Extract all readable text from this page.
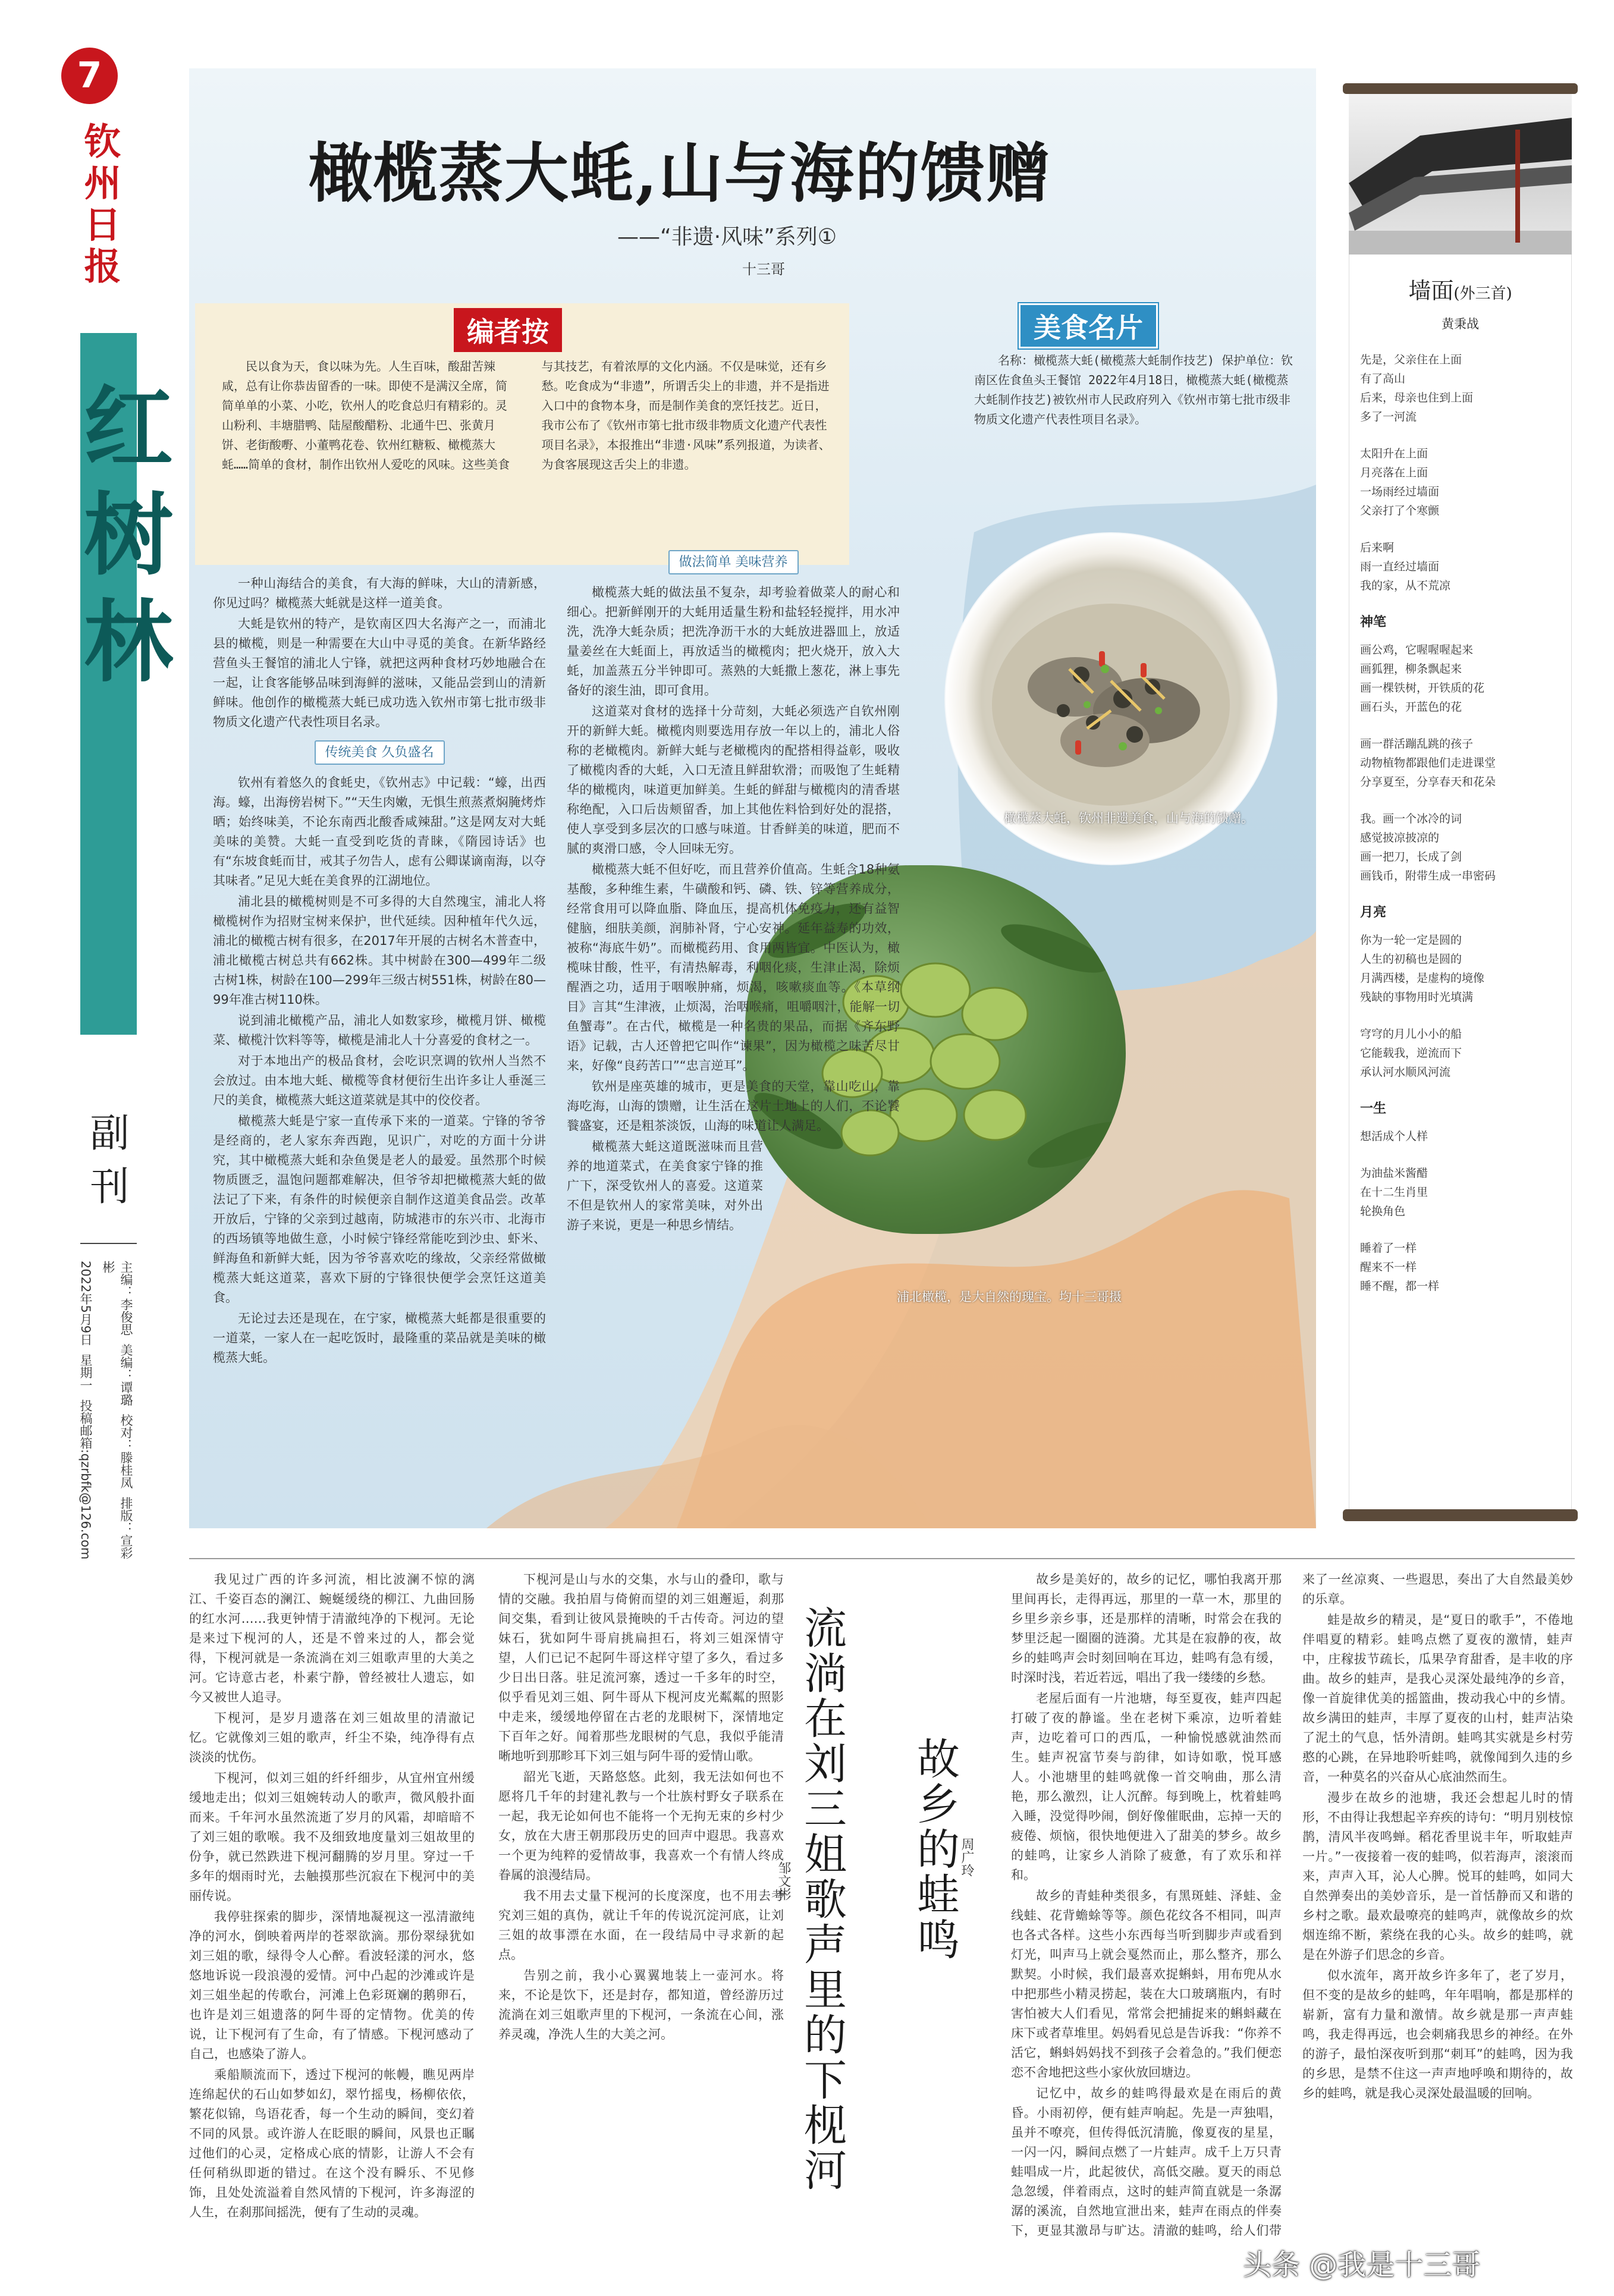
7
钦州日报
红树林
副刊
主编：李俊思  美编：谭璐  校对：滕桂凤  排版：宣彩彬
2022年5月9日  星期一  投稿邮箱:qzrbfk@126.com
橄榄蒸大蚝,山与海的馈赠
——“非遗·风味”系列①
十三哥
编者按
民以食为天，食以味为先。人生百味，酸甜苦辣咸，总有让你恭齿留香的一味。即使不是满汉全席，简简单单的小菜、小吃，钦州人的吃食总归有精彩的。灵山粉利、丰塘腊鸭、陆屋酸醋粉、北通牛巴、张黄月饼、老街酸嘢、小董鸭花卷、钦州红糖粄、橄榄蒸大蚝……简单的食材，制作出钦州人爱吃的风味。这些美食与其技艺，有着浓厚的文化内涵。不仅是味觉，还有乡愁。吃食成为“非遗”，所谓舌尖上的非遗，并不是指进入口中的食物本身，而是制作美食的烹饪技艺。近日，我市公布了《钦州市第七批市级非物质文化遗产代表性项目名录》，本报推出“非遗·风味”系列报道，为读者、为食客展现这舌尖上的非遗。
美食名片
名称：橄榄蒸大蚝(橄榄蒸大蚝制作技艺) 保护单位：钦南区佐食鱼头王餐馆 2022年4月18日，橄榄蒸大蚝(橄榄蒸大蚝制作技艺)被钦州市人民政府列入《钦州市第七批市级非物质文化遗产代表性项目名录》。
橄榄蒸大蚝，钦州非遗美食，山与海的馈赠。
浦北橄榄，是大自然的瑰宝。均十三哥摄

一种山海结合的美食，有大海的鲜味，大山的清新感，你见过吗？橄榄蒸大蚝就是这样一道美食。

大蚝是钦州的特产，是钦南区四大名海产之一，而浦北县的橄榄，则是一种需要在大山中寻觅的美食。在新华路经营鱼头王餐馆的浦北人宁锋，就把这两种食材巧妙地融合在一起，让食客能够品味到海鲜的滋味，又能品尝到山的清新鲜味。他创作的橄榄蒸大蚝已成功选入钦州市第七批市级非物质文化遗产代表性项目名录。

传统美食 久负盛名

钦州有着悠久的食蚝史，《钦州志》中记载：“蠔，出西海。蠔，出海傍岩树下。”“天生肉嫩，无惧生煎蒸煮焖腌烤炸晒；始终味美，不论东南西北酸香咸辣甜。”这是网友对大蚝美味的美赞。大蚝一直受到吃货的青睐，《隋园诗话》也有“东坡食蚝而甘，戒其子勿告人，虑有公卿谋谪南海，以夺其味者。”足见大蚝在美食界的江湖地位。

浦北县的橄榄树则是不可多得的大自然瑰宝，浦北人将橄榄树作为招财宝树来保护，世代延续。因种植年代久远，浦北的橄榄古树有很多，在2017年开展的古树名木普查中，浦北橄榄古树总共有662株。其中树龄在300—499年二级古树1株，树龄在100—299年三级古树551株，树龄在80—99年准古树110株。

说到浦北橄榄产品，浦北人如数家珍，橄榄月饼、橄榄菜、橄榄汁饮料等等，橄榄是浦北人十分喜爱的食材之一。

对于本地出产的极品食材，会吃识烹调的钦州人当然不会放过。由本地大蚝、橄榄等食材便衍生出许多让人垂涎三尺的美食，橄榄蒸大蚝这道菜就是其中的佼佼者。

橄榄蒸大蚝是宁家一直传承下来的一道菜。宁锋的爷爷是经商的，老人家东奔西跑，见识广，对吃的方面十分讲究，其中橄榄蒸大蚝和杂鱼煲是老人的最爱。虽然那个时候物质匮乏，温饱问题都难解决，但爷爷却把橄榄蒸大蚝的做法记了下来，有条件的时候便亲自制作这道美食品尝。改革开放后，宁锋的父亲到过越南，防城港市的东兴市、北海市的西场镇等地做生意，小时候宁锋经常能吃到沙虫、虾米、鲜海鱼和新鲜大蚝，因为爷爷喜欢吃的缘故，父亲经常做橄榄蒸大蚝这道菜，喜欢下厨的宁锋很快便学会烹饪这道美食。

无论过去还是现在，在宁家，橄榄蒸大蚝都是很重要的一道菜，一家人在一起吃饭时，最隆重的菜品就是美味的橄榄蒸大蚝。

做法简单 美味营养

橄榄蒸大蚝的做法虽不复杂，却考验着做菜人的耐心和细心。把新鲜刚开的大蚝用适量生粉和盐轻轻搅拌，用水冲洗，洗净大蚝杂质；把洗净沥干水的大蚝放进器皿上，放适量姜丝在大蚝面上，再放适当的橄榄肉；把火烧开，放入大蚝，加盖蒸五分半钟即可。蒸熟的大蚝撒上葱花，淋上事先备好的滚生油，即可食用。

这道菜对食材的选择十分苛刻，大蚝必须选产自钦州刚开的新鲜大蚝。橄榄肉则要选用存放一年以上的，浦北人俗称的老橄榄肉。新鲜大蚝与老橄榄肉的配搭相得益彰，吸收了橄榄肉香的大蚝，入口无渣且鲜甜软滑；而吸饱了生蚝精华的橄榄肉，味道更加鲜美。生蚝的鲜甜与橄榄肉的清香堪称绝配，入口后齿颊留香，加上其他佐料恰到好处的混搭，使人享受到多层次的口感与味道。甘香鲜美的味道，肥而不腻的爽滑口感，令人回味无穷。

橄榄蒸大蚝不但好吃，而且营养价值高。生蚝含18种氨基酸，多种维生素，牛磺酸和钙、磷、铁、锌等营养成分，经常食用可以降血脂、降血压，提高机体免疫力，还有益智健脑，细肤美颜，润肺补肾，宁心安神。延年益寿的功效，被称“海底牛奶”。而橄榄药用、食用两皆宜。中医认为，橄榄味甘酸，性平，有清热解毒，利咽化痰，生津止渴，除烦醒酒之功，适用于咽喉肿痛，烦渴，咳嗽痰血等。《本草纲目》言其“生津液，止烦渴，治咽喉痛，咀嚼咽汁，能解一切鱼蟹毒”。在古代，橄榄是一种名贵的果品，而据《齐东野语》记载，古人还曾把它叫作“谏果”，因为橄榄之味苦尽甘来，好像“良药苦口”“忠言逆耳”。

钦州是座英雄的城市，更是美食的天堂，靠山吃山，靠海吃海，山海的馈赠，让生活在这片土地上的人们，不论饕餮盛宴，还是粗茶淡饭，山海的味道让人满足。

橄榄蒸大蚝这道既滋味而且营养的地道菜式，在美食家宁锋的推广下，深受钦州人的喜爱。这道菜不但是钦州人的家常美味，对外出游子来说，更是一种思乡情结。

墙面(外三首)
黄秉战
先是，父亲住在上面
有了高山
后来，母亲也住到上面
多了一河流
太阳升在上面
月亮落在上面
一场雨经过墙面
父亲打了个寒颤
后来啊
雨一直经过墙面
我的家，从不荒凉
神笔
画公鸡，它喔喔喔起来
画狐狸，柳条飘起来
画一棵铁树，开铁质的花
画石头，开蓝色的花
画一群活蹦乱跳的孩子
动物植物都跟他们走进课堂
分享夏至，分享春天和花朵
我。画一个冰冷的词
感觉披凉披凉的
画一把刀，长成了剑
画钱币，附带生成一串密码
月亮
你为一轮一定是圆的
人生的初稿也是圆的
月满西楼，是虚构的境像
残缺的事物用时光填满
穹穹的月儿小小的船
它能载我，逆流而下
承认河水顺风河流
一生
想活成个人样
为油盐米酱醋
在十二生肖里
轮换角色
睡着了一样
醒来不一样
睡不醒，都一样

我见过广西的许多河流，相比波澜不惊的漓江、千姿百态的澜江、蜿蜒缓绕的柳江、九曲回肠的红水河……我更钟情于清澈纯净的下枧河。无论是来过下枧河的人，还是不曾来过的人，都会觉得，下枧河就是一条流淌在刘三姐歌声里的大美之河。它诗意古老，朴素宁静，曾经被壮人遗忘，如今又被世人追寻。

下枧河，是岁月遗落在刘三姐故里的清澈记忆。它就像刘三姐的歌声，纤尘不染，纯净得有点淡淡的忧伤。

下枧河，似刘三姐的纤纤细步，从宜州宜州缓缓地走出；似刘三姐婉转动人的歌声，微风般扑面而来。千年河水虽然流逝了岁月的风霜，却暗暗不了刘三姐的歌喉。我不及细致地度量刘三姐故里的份争，就已然跌进下枧河翻腾的岁月里。穿过一千多年的烟雨时光，去触摸那些沉寂在下枧河中的美丽传说。

我停驻探索的脚步，深情地凝视这一泓清澈纯净的河水，倒映着两岸的苍翠欲滴。那份翠绿犹如刘三姐的歌，绿得令人心醉。看波轻漾的河水，悠悠地诉说一段浪漫的爱情。河中凸起的沙滩或许是刘三姐坐起的传歌台，河滩上色彩斑斓的鹅卵石，也许是刘三姐遗落的阿牛哥的定情物。优美的传说，让下枧河有了生命，有了情感。下枧河感动了自己，也感染了游人。

乘船顺流而下，透过下枧河的帐幔，瞧见两岸连绵起伏的石山如梦如幻，翠竹摇曳，杨柳依依，繁花似锦，鸟语花香，每一个生动的瞬间，变幻着不同的风景。或许游人在眨眼的瞬间，风景也正瞩过他们的心灵，定格成心底的情影，让游人不会有任何稍纵即逝的错过。在这个没有瞬乐、不见修饰，且处处流溢着自然风情的下枧河，许多海涩的人生，在刹那间摇洗，便有了生动的灵魂。

下枧河是山与水的交集，水与山的叠印，歌与情的交融。我拍眉与倚俯而望的刘三姐邂逅，刹那间交集，看到让彼风景掩映的千古传奇。河边的望妹石，犹如阿牛哥肩挑扁担石，将刘三姐深情守望，人们已记不起阿牛哥这样守望了多久，看过多少日出日落。驻足流河寨，透过一千多年的时空，似乎看见刘三姐、阿牛哥从下枧河皮光粼粼的照影中走来，缓缓地停留在古老的龙眼树下，深情地定下百年之好。闻着那些龙眼树的气息，我似乎能清晰地听到那畛耳下刘三姐与阿牛哥的爱情山歌。

韶光飞逝，天路悠悠。此刻，我无法如何也不愿将几千年的封建礼教与一个壮族村野女子联系在一起，我无论如何也不能将一个无拘无束的乡村少女，放在大唐王朝那段历史的回声中遐思。我喜欢一个更为纯粹的爱情故事，我喜欢一个有情人终成眷属的浪漫结局。

我不用去丈量下枧河的长度深度，也不用去考究刘三姐的真伪，就让千年的传说沉淀河底，让刘三姐的故事漂在水面，在一段结局中寻求新的起点。

告别之前，我小心翼翼地装上一壶河水。将来，不论是饮下，还是封存，都知道，曾经游历过流淌在刘三姐歌声里的下枧河，一条流在心间，涨养灵魂，净洗人生的大美之河。	流淌在刘三姐歌声里的下枧河
邹文彬	故乡的蛙鸣 周广玲

故乡是美好的，故乡的记忆，哪怕我离开那里间再长，走得再远，那里的一草一木，那里的乡里乡亲乡事，还是那样的清晰，时常会在我的梦里泛起一圈圈的涟漪。尤其是在寂静的夜，故乡的蛙鸣声会时刻回响在耳边，蛙鸣有急有缓，时深时浅，若近若远，唱出了我一缕缕的乡愁。

老屋后面有一片池塘，每至夏夜，蛙声四起打破了夜的静谧。坐在老树下乘凉，边听着蛙声，边吃着可口的西瓜，一种愉悦感就油然而生。蛙声祝富节奏与韵律，如诗如歌，悦耳感人。小池塘里的蛙鸣就像一首交响曲，那么清艳，那么激烈，让人沉醉。每到晚上，枕着蛙鸣入睡，没觉得吵闹，倒好像催眠曲，忘掉一天的疲倦、烦恼，很快地便进入了甜美的梦乡。故乡的蛙鸣，让家乡人消除了疲惫，有了欢乐和祥和。

故乡的青蛙种类很多，有黑斑蛙、泽蛙、金线蛙、花背蟾蜍等等。颜色花纹各不相同，叫声也各式各样。这些小东西每当听到脚步声或看到灯光，叫声马上就会戛然而止，那么整齐，那么默契。小时候，我们最喜欢捉蝌蚪，用布兜从水中把那些小精灵捞起，装在大口玻璃瓶内，有时害怕被大人们看见，常常会把捕捉来的蝌蚪藏在床下或者草堆里。妈妈看见总是告诉我：“你养不活它，蝌蚪妈妈找不到孩子会着急的。”我们便恋恋不舍地把这些小家伙放回塘边。

记忆中，故乡的蛙鸣得最欢是在雨后的黄昏。小雨初停，便有蛙声响起。先是一声独唱，虽并不嘹亮，但传得低沉清脆，像夏夜的星星，一闪一闪，瞬间点燃了一片蛙声。成千上万只青蛙唱成一片，此起彼伏，高低交融。夏天的雨总急忽缓，伴着雨点，这时的蛙声简直就是一条潺潺的溪流，自然地宣泄出来，蛙声在雨点的伴奏下，更显其激昂与旷达。清澈的蛙鸣，给人们带来了一丝凉爽、一些遐思，奏出了大自然最美妙的乐章。

蛙是故乡的精灵，是“夏日的歌手”，不倦地伴唱夏的精彩。蛙鸣点燃了夏夜的激情，蛙声中，庄稼拔节疏长，瓜果孕育甜香，是丰收的序曲。故乡的蛙声，是我心灵深处最纯净的乡音，像一首旋律优美的摇篮曲，拨动我心中的乡情。故乡满田的蛙声，丰厚了夏夜的山村，蛙声沾染了泥土的气息，恬外清朗。蛙鸣其实就是乡村劳憨的心跳，在异地聆听蛙鸣，就像闻到久违的乡音，一种莫名的兴奋从心底油然而生。

漫步在故乡的池塘，我还会想起儿时的情形，不由得让我想起辛弃疾的诗句：“明月别枝惊鹊，清风半夜鸣蝉。稻花香里说丰年，听取蛙声一片。”一夜接着一夜的蛙鸣，似若海声，滚滚而来，声声入耳，沁人心脾。悦耳的蛙鸣，如同大自然弹奏出的美妙音乐，是一首恬静而又和谐的乡村之歌。最欢最嘹亮的蛙鸣声，就像故乡的炊烟连绵不断，萦绕在我的心头。故乡的蛙鸣，就是在外游子们思念的乡音。

似水流年，离开故乡许多年了，老了岁月，但不变的是故乡的蛙鸣，年年唱响，都是那样的崭新，富有力量和激情。故乡就是那一声声蛙鸣，我走得再远，也会刺痛我思乡的神经。在外的游子，最怕深夜听到那“刺耳”的蛙鸣，因为我的乡思，是禁不住这一声声地呼唤和期待的，故乡的蛙鸣，就是我心灵深处最温暖的回响。

头条 @我是十三哥
